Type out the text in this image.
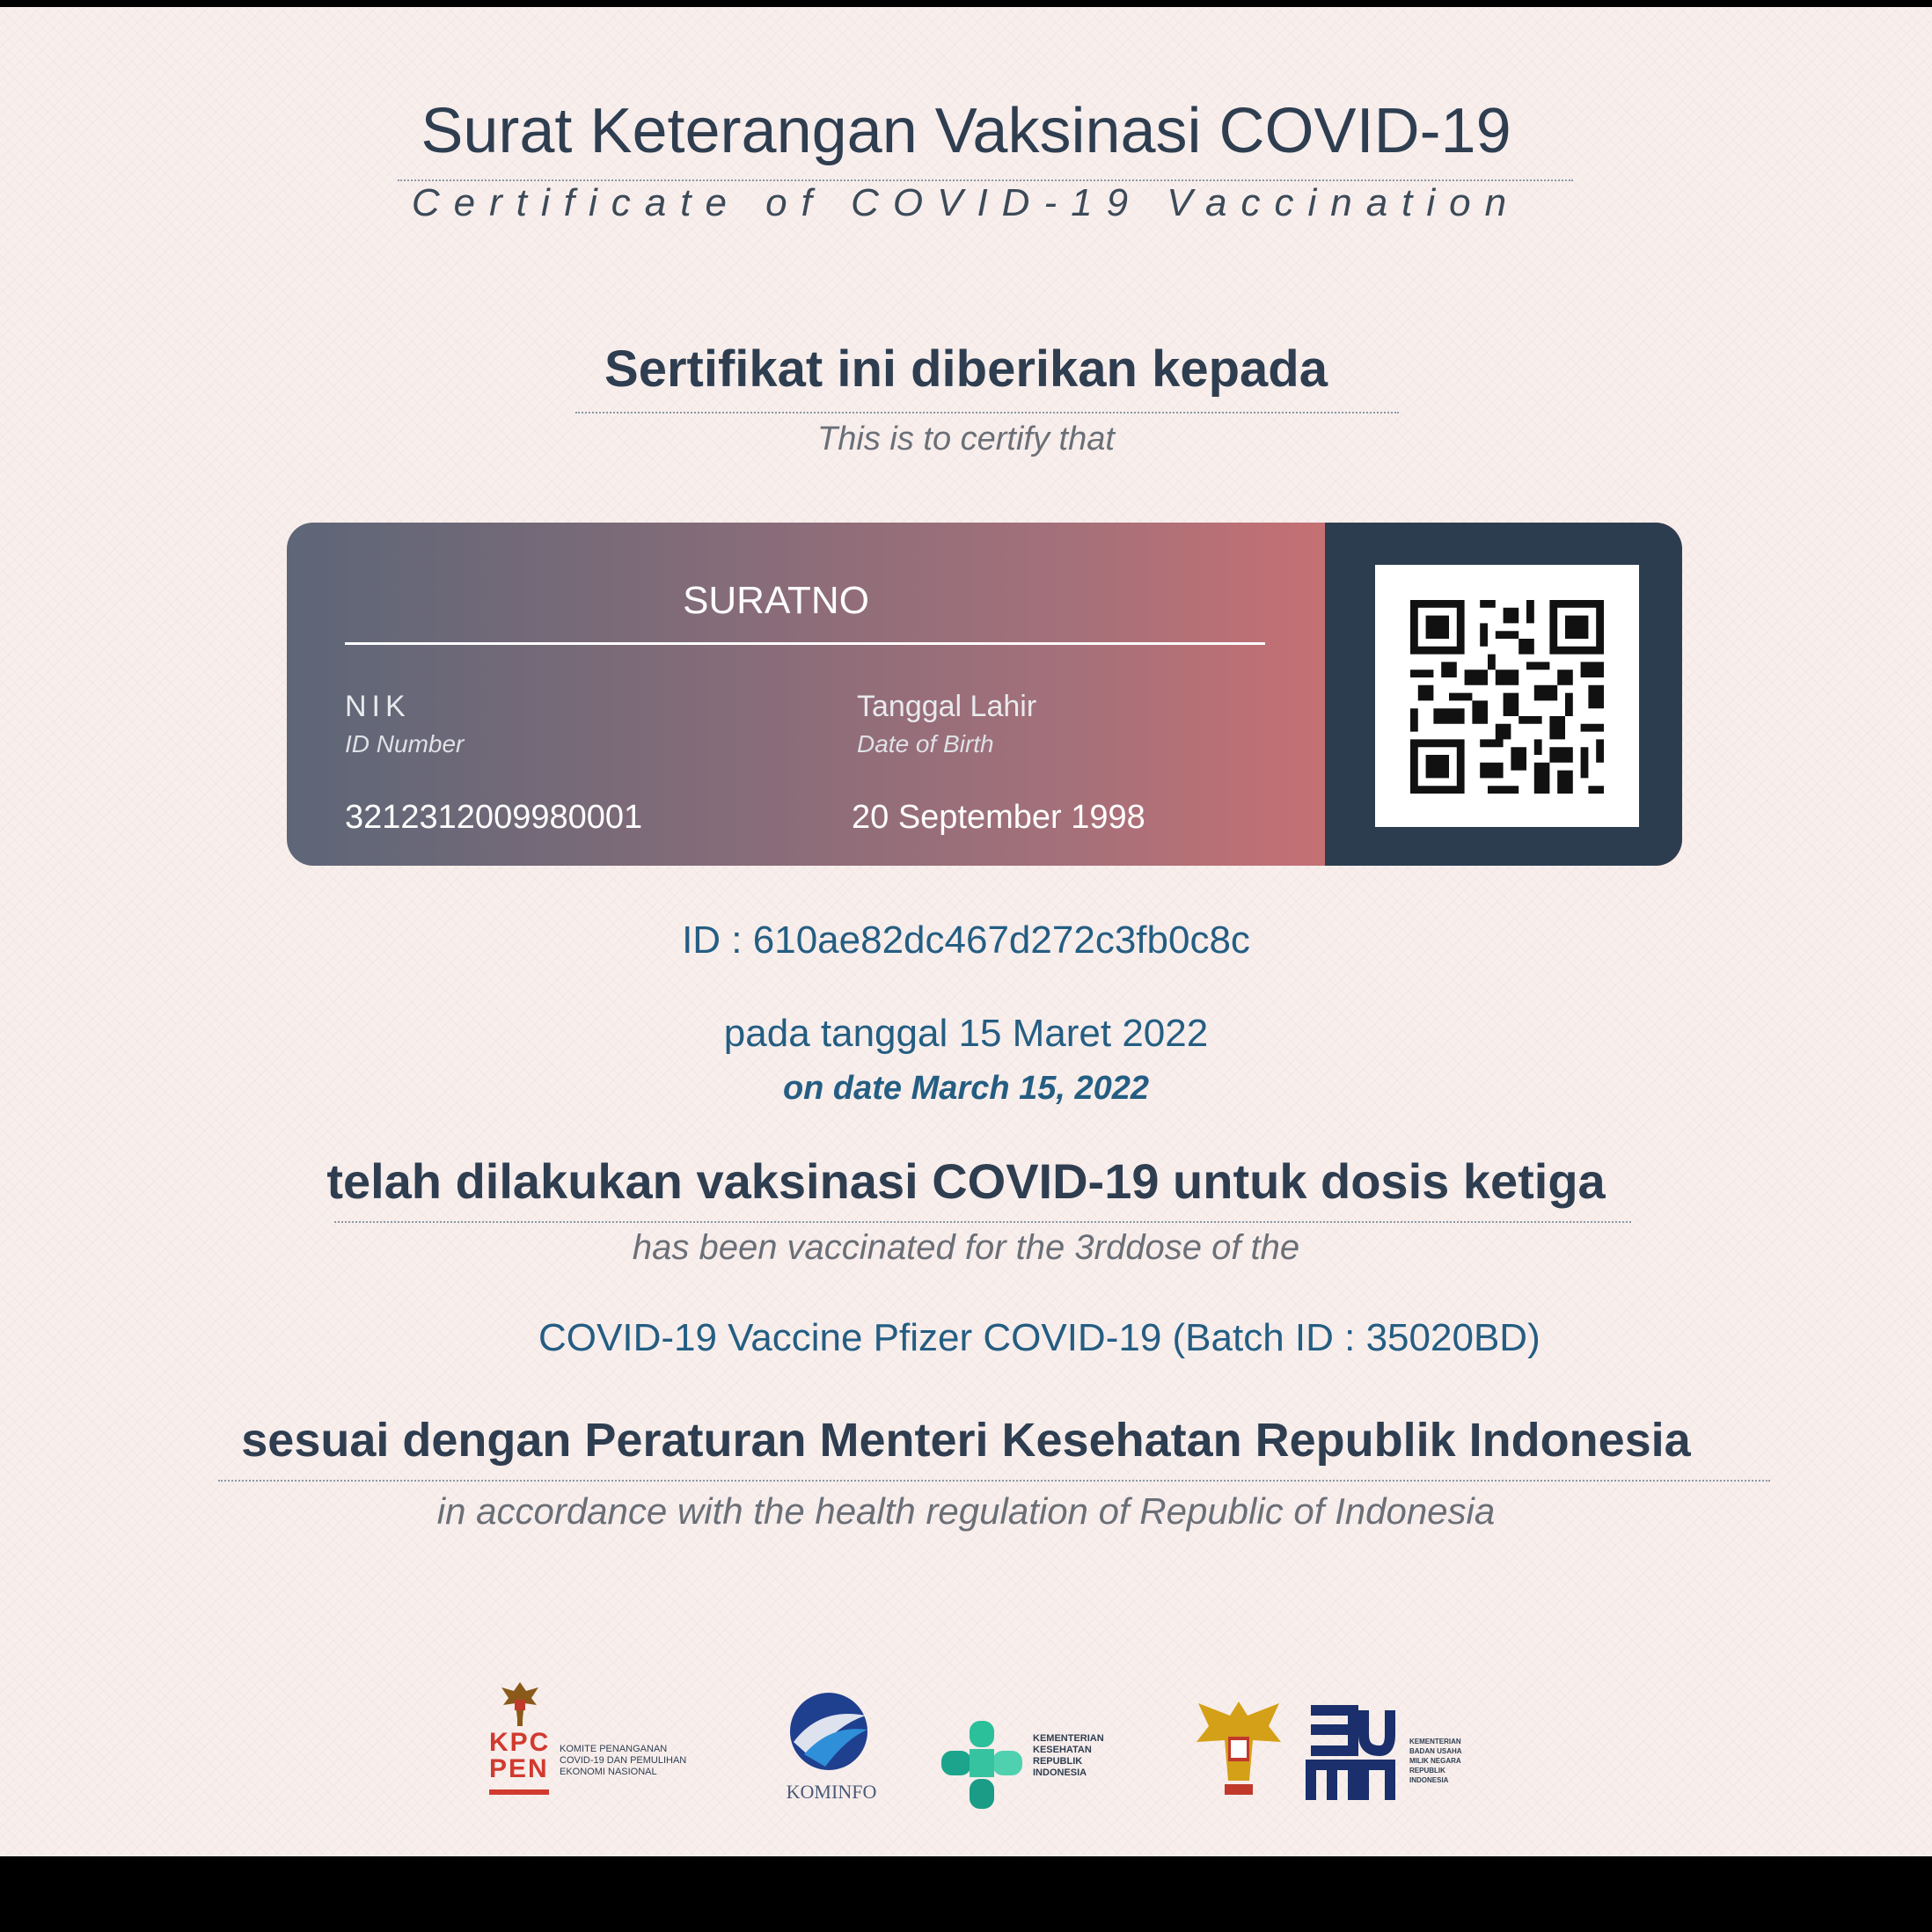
Surat Keterangan Vaksinasi COVID-19
Certificate of COVID-19 Vaccination
Sertifikat ini diberikan kepada
This is to certify that
SURATNO
NIK
ID Number
3212312009980001
Tanggal Lahir
Date of Birth
20 September 1998
ID : 610ae82dc467d272c3fb0c8c
pada tanggal 15 Maret 2022
on date March 15, 2022
telah dilakukan vaksinasi COVID-19 untuk dosis ketiga
has been vaccinated for the 3rddose of the
COVID-19 Vaccine Pfizer COVID-19 (Batch ID : 35020BD)
sesuai dengan Peraturan Menteri Kesehatan Republik Indonesia
in accordance with the health regulation of Republic of Indonesia
KPC PEN
KOMITE PENANGANAN
COVID-19 DAN PEMULIHAN
EKONOMI NASIONAL
KOMINFO
KEMENTERIAN
KESEHATAN
REPUBLIK
INDONESIA
KEMENTERIAN
BADAN USAHA
MILIK NEGARA
REPUBLIK
INDONESIA
